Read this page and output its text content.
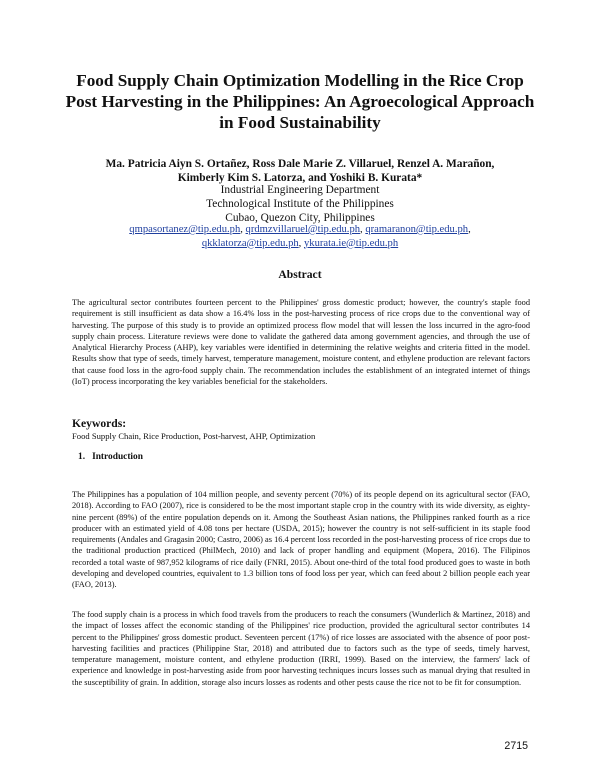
Food Supply Chain Optimization Modelling in the Rice Crop Post Harvesting in the Philippines: An Agroecological Approach in Food Sustainability
Ma. Patricia Aiyn S. Ortañez, Ross Dale Marie Z. Villaruel, Renzel A. Marañon,
Kimberly Kim S. Latorza, and Yoshiki B. Kurata*
Industrial Engineering Department
Technological Institute of the Philippines
Cubao, Quezon City, Philippines
qmpasortanez@tip.edu.ph, qrdmzvillaruel@tip.edu.ph, qramaranon@tip.edu.ph,
qkklatorza@tip.edu.ph, ykurata.ie@tip.edu.ph
Abstract
The agricultural sector contributes fourteen percent to the Philippines' gross domestic product; however, the country's staple food requirement is still insufficient as data show a 16.4% loss in the post-harvesting process of rice crops due to the conventional way of harvesting. The purpose of this study is to provide an optimized process flow model that will lessen the loss incurred in the agro-food supply chain process. Literature reviews were done to validate the gathered data among government agencies, and through the use of Analytical Hierarchy Process (AHP), key variables were identified in determining the relative weights and criteria fitted in the model. Results show that type of seeds, timely harvest, temperature management, moisture content, and ethylene production are relevant factors that cause food loss in the agro-food supply chain. The recommendation includes the establishment of an integrated internet of things (IoT) process incorporating the key variables beneficial for the stakeholders.
Keywords:
Food Supply Chain, Rice Production, Post-harvest, AHP, Optimization
1. Introduction
The Philippines has a population of 104 million people, and seventy percent (70%) of its people depend on its agricultural sector (FAO, 2018). According to FAO (2007), rice is considered to be the most important staple crop in the country with its wide diversity, as eighty-nine percent (89%) of the entire population depends on it. Among the Southeast Asian nations, the Philippines ranked fourth as a rice producer with an estimated yield of 4.08 tons per hectare (USDA, 2015); however the country is not self-sufficient in its staple food requirements (Andales and Gragasin 2000; Castro, 2006) as 16.4 percent loss recorded in the post-harvesting process of rice crops due to the traditional production practiced (PhilMech, 2010) and lack of proper handling and equipment (Mopera, 2016). The Filipinos recorded a total waste of 987,952 kilograms of rice daily (FNRI, 2015). About one-third of the total food produced goes to waste in both developing and developed countries, equivalent to 1.3 billion tons of food loss per year, which can feed about 2 billion people each year (FAO, 2013).
The food supply chain is a process in which food travels from the producers to reach the consumers (Wunderlich & Martinez, 2018) and the impact of losses affect the economic standing of the Philippines' rice production, provided the agricultural sector contributes 14 percent to the Philippines' gross domestic product. Seventeen percent (17%) of rice losses are associated with the absence of poor post-harvesting facilities and practices (Philippine Star, 2018) and attributed due to factors such as the type of seeds, timely harvest, temperature management, moisture content, and ethylene production (IRRI, 1999). Based on the interview, the farmers' lack of experience and knowledge in post-harvesting aside from poor harvesting techniques incurs losses such as manual drying that resulted in the susceptibility of grain. In addition, storage also incurs losses as rodents and other pests cause the rice not to be fit for consumption.
2715
